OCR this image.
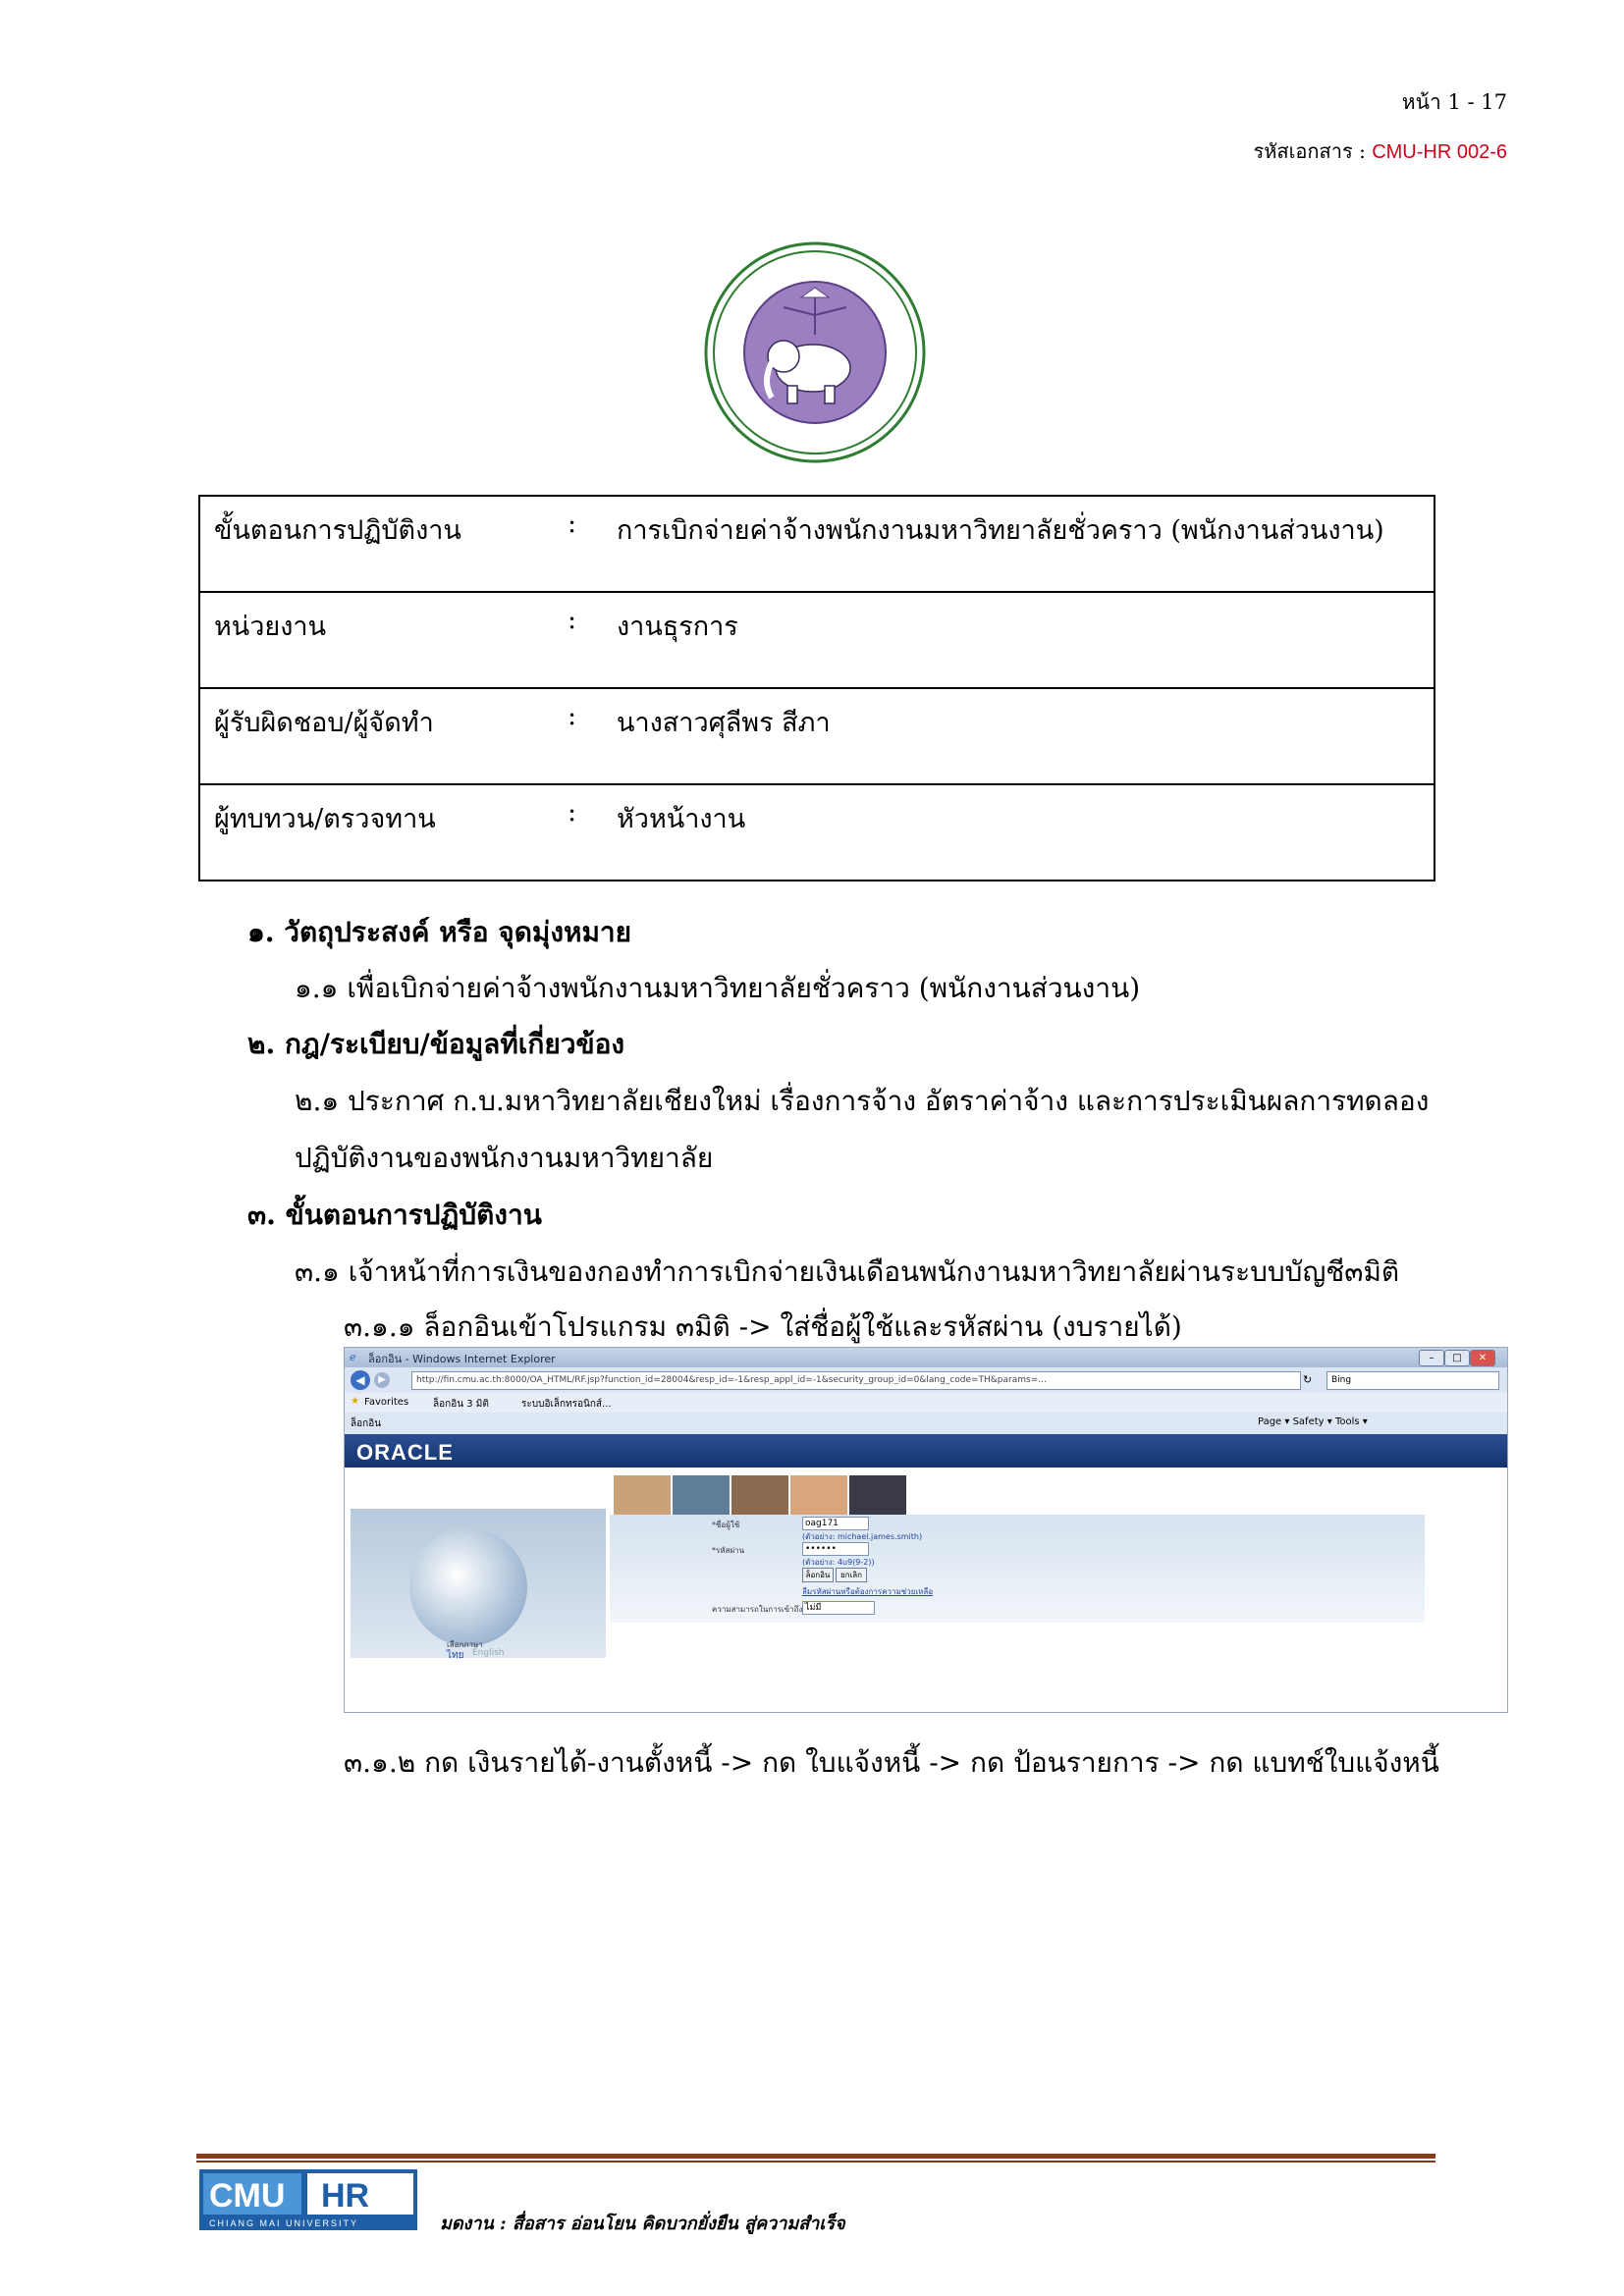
หน้า 1 - 17
รหัสเอกสาร : CMU-HR 002-6
ขั้นตอนการปฏิบัติงาน	:	การเบิกจ่ายค่าจ้างพนักงานมหาวิทยาลัยชั่วคราว (พนักงานส่วนงาน)

หน่วยงาน	:	งานธุรการ

ผู้รับผิดชอบ/ผู้จัดทำ	:	นางสาวศุลีพร สีภา

ผู้ทบทวน/ตรวจทาน	:	หัวหน้างาน
๑. วัตถุประสงค์ หรือ จุดมุ่งหมาย
๑.๑ เพื่อเบิกจ่ายค่าจ้างพนักงานมหาวิทยาลัยชั่วคราว (พนักงานส่วนงาน)
๒. กฎ/ระเบียบ/ข้อมูลที่เกี่ยวข้อง
๒.๑ ประกาศ ก.บ.มหาวิทยาลัยเชียงใหม่ เรื่องการจ้าง อัตราค่าจ้าง และการประเมินผลการทดลอง
ปฏิบัติงานของพนักงานมหาวิทยาลัย
๓. ขั้นตอนการปฏิบัติงาน
๓.๑ เจ้าหน้าที่การเงินของกองทำการเบิกจ่ายเงินเดือนพนักงานมหาวิทยาลัยผ่านระบบบัญชี๓มิติ
๓.๑.๑ ล็อกอินเข้าโปรแกรม ๓มิติ -> ใส่ชื่อผู้ใช้และรหัสผ่าน (งบรายได้)
ℯ ล็อกอิน - Windows Internet Explorer	–	□	✕
◀	▶	http://fin.cmu.ac.th:8000/OA_HTML/RF.jsp?function_id=28004&resp_id=-1&resp_appl_id=-1&security_group_id=0&lang_code=TH&params=...	↻	Bing
★ Favorites ล็อกอิน 3 มิติ	ระบบอิเล็กทรอนิกส์...
ล็อกอิน	Page ▾ Safety ▾ Tools ▾
ORACLE
*ชื่อผู้ใช้	oag171
(ตัวอย่าง: michael.james.smith)
*รหัสผ่าน	••••••
(ตัวอย่าง: 4u9(9-2))
ล็อกอิน	ยกเลิก
ลืมรหัสผ่านหรือต้องการความช่วยเหลือ
ความสามารถในการเข้าถึง ไม่มี
เลือกภาษา
ไทย English
๓.๑.๒ กด เงินรายได้-งานตั้งหนี้ -> กด ใบแจ้งหนี้ -> กด ป้อนรายการ -> กด แบทช์ใบแจ้งหนี้
CMU HR
CHIANG MAI UNIVERSITY	มดงาน : สื่อสาร อ่อนโยน คิดบวกยั่งยืน สู่ความสำเร็จ
